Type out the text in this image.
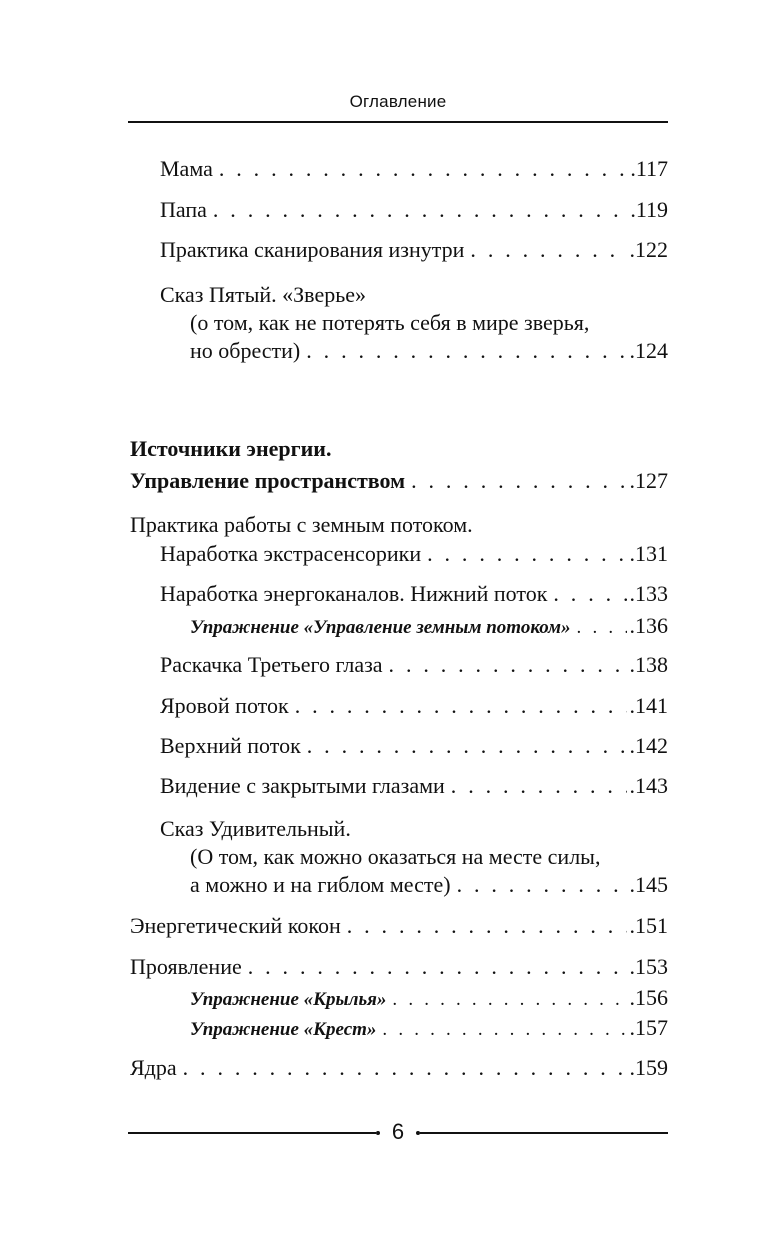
Оглавление
Мама . . .	.117
Папа . . .	.119
Практика сканирования изнутри . . .	.122
Сказ Пятый. «Зверье»
(о том, как не потерять себя в мире зверья,
но обрести) . . .	.124
Источники энергии.
Управление пространством . . .	.127
Практика работы с земным потоком.
Наработка экстрасенсорики . . .	.131
Наработка энергоканалов. Нижний поток . . .	.133
Упражнение «Управление земным потоком» . . .	.136
Раскачка Третьего глаза . . .	.138
Яровой поток . . .	.141
Верхний поток . . .	.142
Видение с закрытыми глазами . . .	.143
Сказ Удивительный.
(О том, как можно оказаться на месте силы,
а можно и на гиблом месте) . . .	.145
Энергетический кокон . . .	.151
Проявление . . .	.153
Упражнение «Крылья» . . .	.156
Упражнение «Крест» . . .	.157
Ядра . . .	.159
6
